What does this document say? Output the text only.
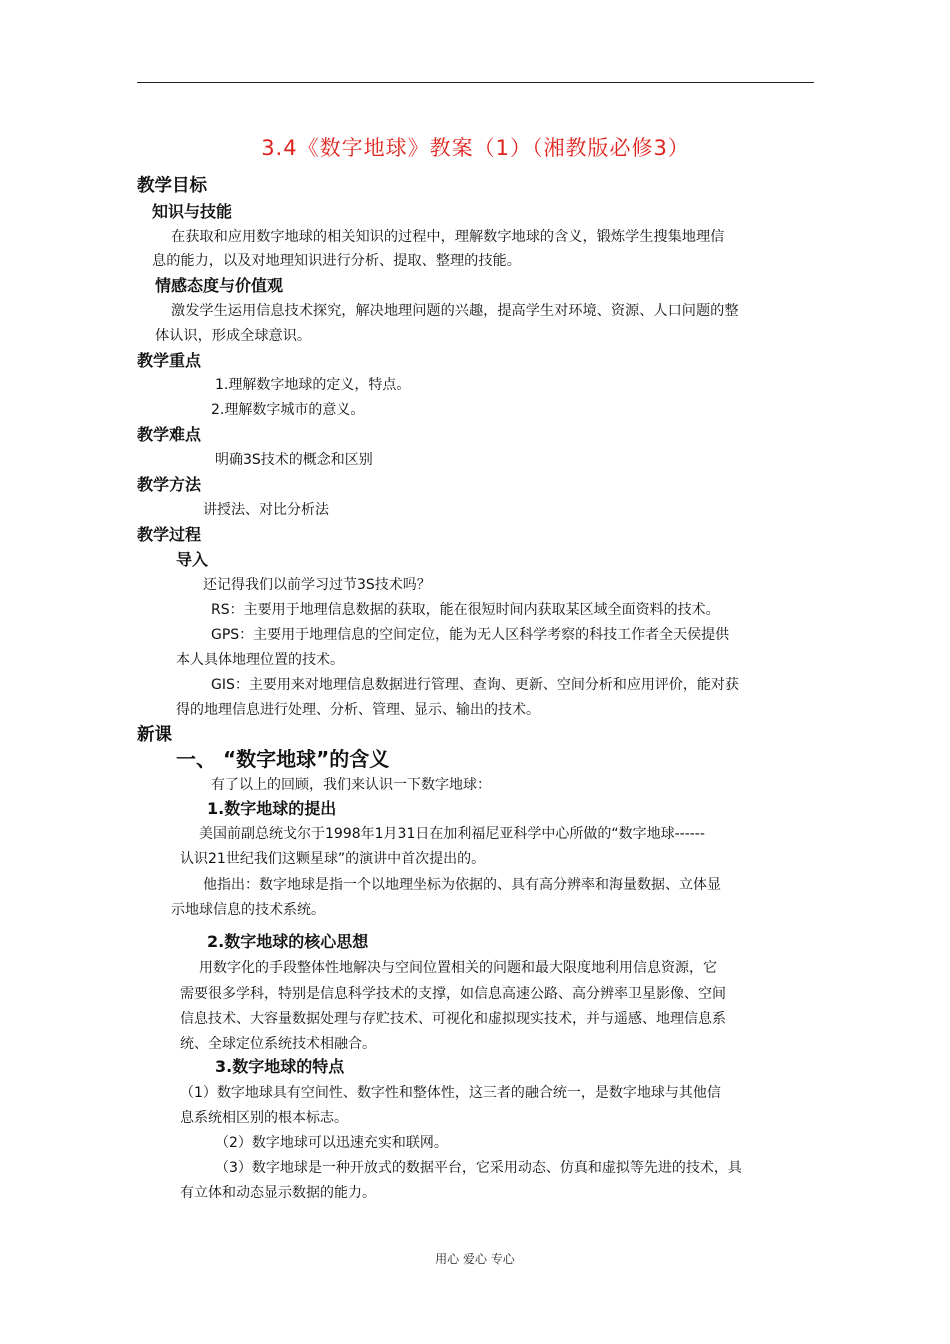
3.4《数字地球》教案（1）（湘教版必修3）
教学目标
知识与技能
在获取和应用数字地球的相关知识的过程中，理解数字地球的含义，锻炼学生搜集地理信
息的能力，以及对地理知识进行分析、提取、整理的技能。
情感态度与价值观
激发学生运用信息技术探究，解决地理问题的兴趣，提高学生对环境、资源、人口问题的整
体认识，形成全球意识。
教学重点
1.理解数字地球的定义，特点。
2.理解数字城市的意义。
教学难点
明确3S技术的概念和区别
教学方法
讲授法、对比分析法
教学过程
导入
还记得我们以前学习过节3S技术吗？
RS：主要用于地理信息数据的获取，能在很短时间内获取某区域全面资料的技术。
GPS：主要用于地理信息的空间定位，能为无人区科学考察的科技工作者全天侯提供
本人具体地理位置的技术。
GIS：主要用来对地理信息数据进行管理、查询、更新、空间分析和应用评价，能对获
得的地理信息进行处理、分析、管理、显示、输出的技术。
新课
一、 “数字地球”的含义
有了以上的回顾，我们来认识一下数字地球：
1.数字地球的提出
美国前副总统戈尔于1998年1月31日在加利福尼亚科学中心所做的“数字地球------
认识21世纪我们这颗星球”的演讲中首次提出的。
他指出：数字地球是指一个以地理坐标为依据的、具有高分辨率和海量数据、立体显
示地球信息的技术系统。
2.数字地球的核心思想
用数字化的手段整体性地解决与空间位置相关的问题和最大限度地利用信息资源，它
需要很多学科，特别是信息科学技术的支撑，如信息高速公路、高分辨率卫星影像、空间
信息技术、大容量数据处理与存贮技术、可视化和虚拟现实技术，并与遥感、地理信息系
统、全球定位系统技术相融合。
3.数字地球的特点
（1）数字地球具有空间性、数字性和整体性，这三者的融合统一，是数字地球与其他信
息系统相区别的根本标志。
（2）数字地球可以迅速充实和联网。
（3）数字地球是一种开放式的数据平台，它采用动态、仿真和虚拟等先进的技术，具
有立体和动态显示数据的能力。
用心 爱心 专心
